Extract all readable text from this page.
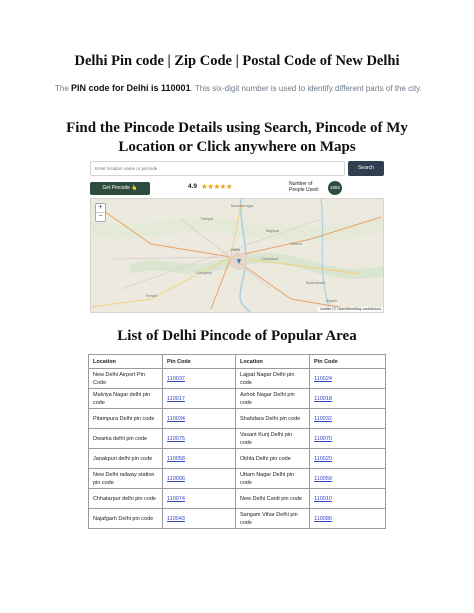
Delhi Pin code | Zip Code | Postal Code of New Delhi
The PIN code for Delhi is 110001. This six-digit number is used to identify different parts of the city.
Find the Pincode Details using Search, Pincode of My Location or Click anywhere on Maps
Enter location name or pincode
Search
Get Pincode 👆	4.9 ★★★★★	Number of People Used:	1892
Delhi
Muzaffarnagar
Panipat
Baghpat
Meerut
Ghaziabad
Gurugram
Bulandshahr
Rewari
Aligarh
+
−
Leaflet | © OpenStreetMap contributors
List of Delhi Pincode of Popular Area
Location	Pin Code	Location	Pin Code
New Delhi Airport Pin Code	110037	Lajpat Nagar Delhi pin code	110024
Malviya Nagar delhi pin code	110017	Ashok Nagar Delhi pin code	110018
Pitampura Delhi pin code	110034	Shahdara Delhi pin code	110032
Dwarka delhi pin code	110075	Vasant Kunj Delhi pin code	110070
Janakpuri delhi pin code	110058	Okhla Delhi pin code	110020
New Delhi railway station pin code	110006	Uttam Nagar Delhi pin code	110059
Chhatarpur delhi pin code	110074	New Delhi Cantt pin code	110010
Najafgarh Delhi pin code	110043	Sangam Vihar Delhi pin code	110080
